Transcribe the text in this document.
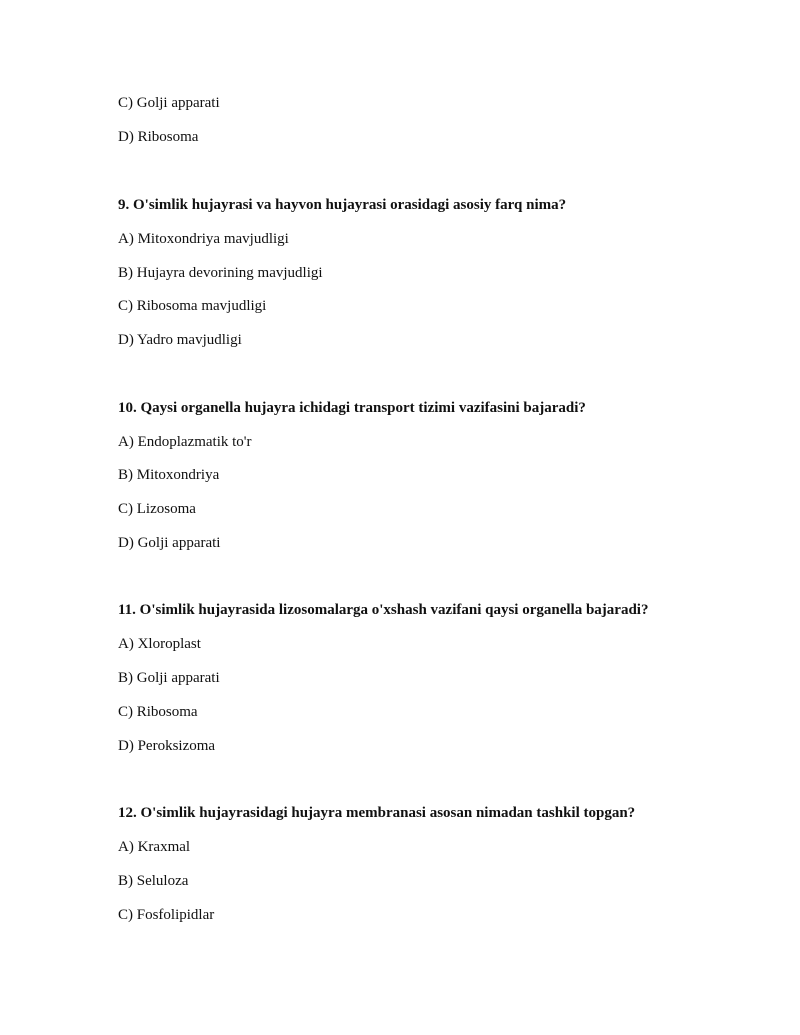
C) Golji apparati
D) Ribosoma
9. O'simlik hujayrasi va hayvon hujayrasi orasidagi asosiy farq nima?
A) Mitoxondriya mavjudligi
B) Hujayra devorining mavjudligi
C) Ribosoma mavjudligi
D) Yadro mavjudligi
10. Qaysi organella hujayra ichidagi transport tizimi vazifasini bajaradi?
A) Endoplazmatik to'r
B) Mitoxondriya
C) Lizosoma
D) Golji apparati
11. O'simlik hujayrasida lizosomalarga o'xshash vazifani qaysi organella bajaradi?
A) Xloroplast
B) Golji apparati
C) Ribosoma
D) Peroksizoma
12. O'simlik hujayrasidagi hujayra membranasi asosan nimadan tashkil topgan?
A) Kraxmal
B) Seluloza
C) Fosfolipidlar
